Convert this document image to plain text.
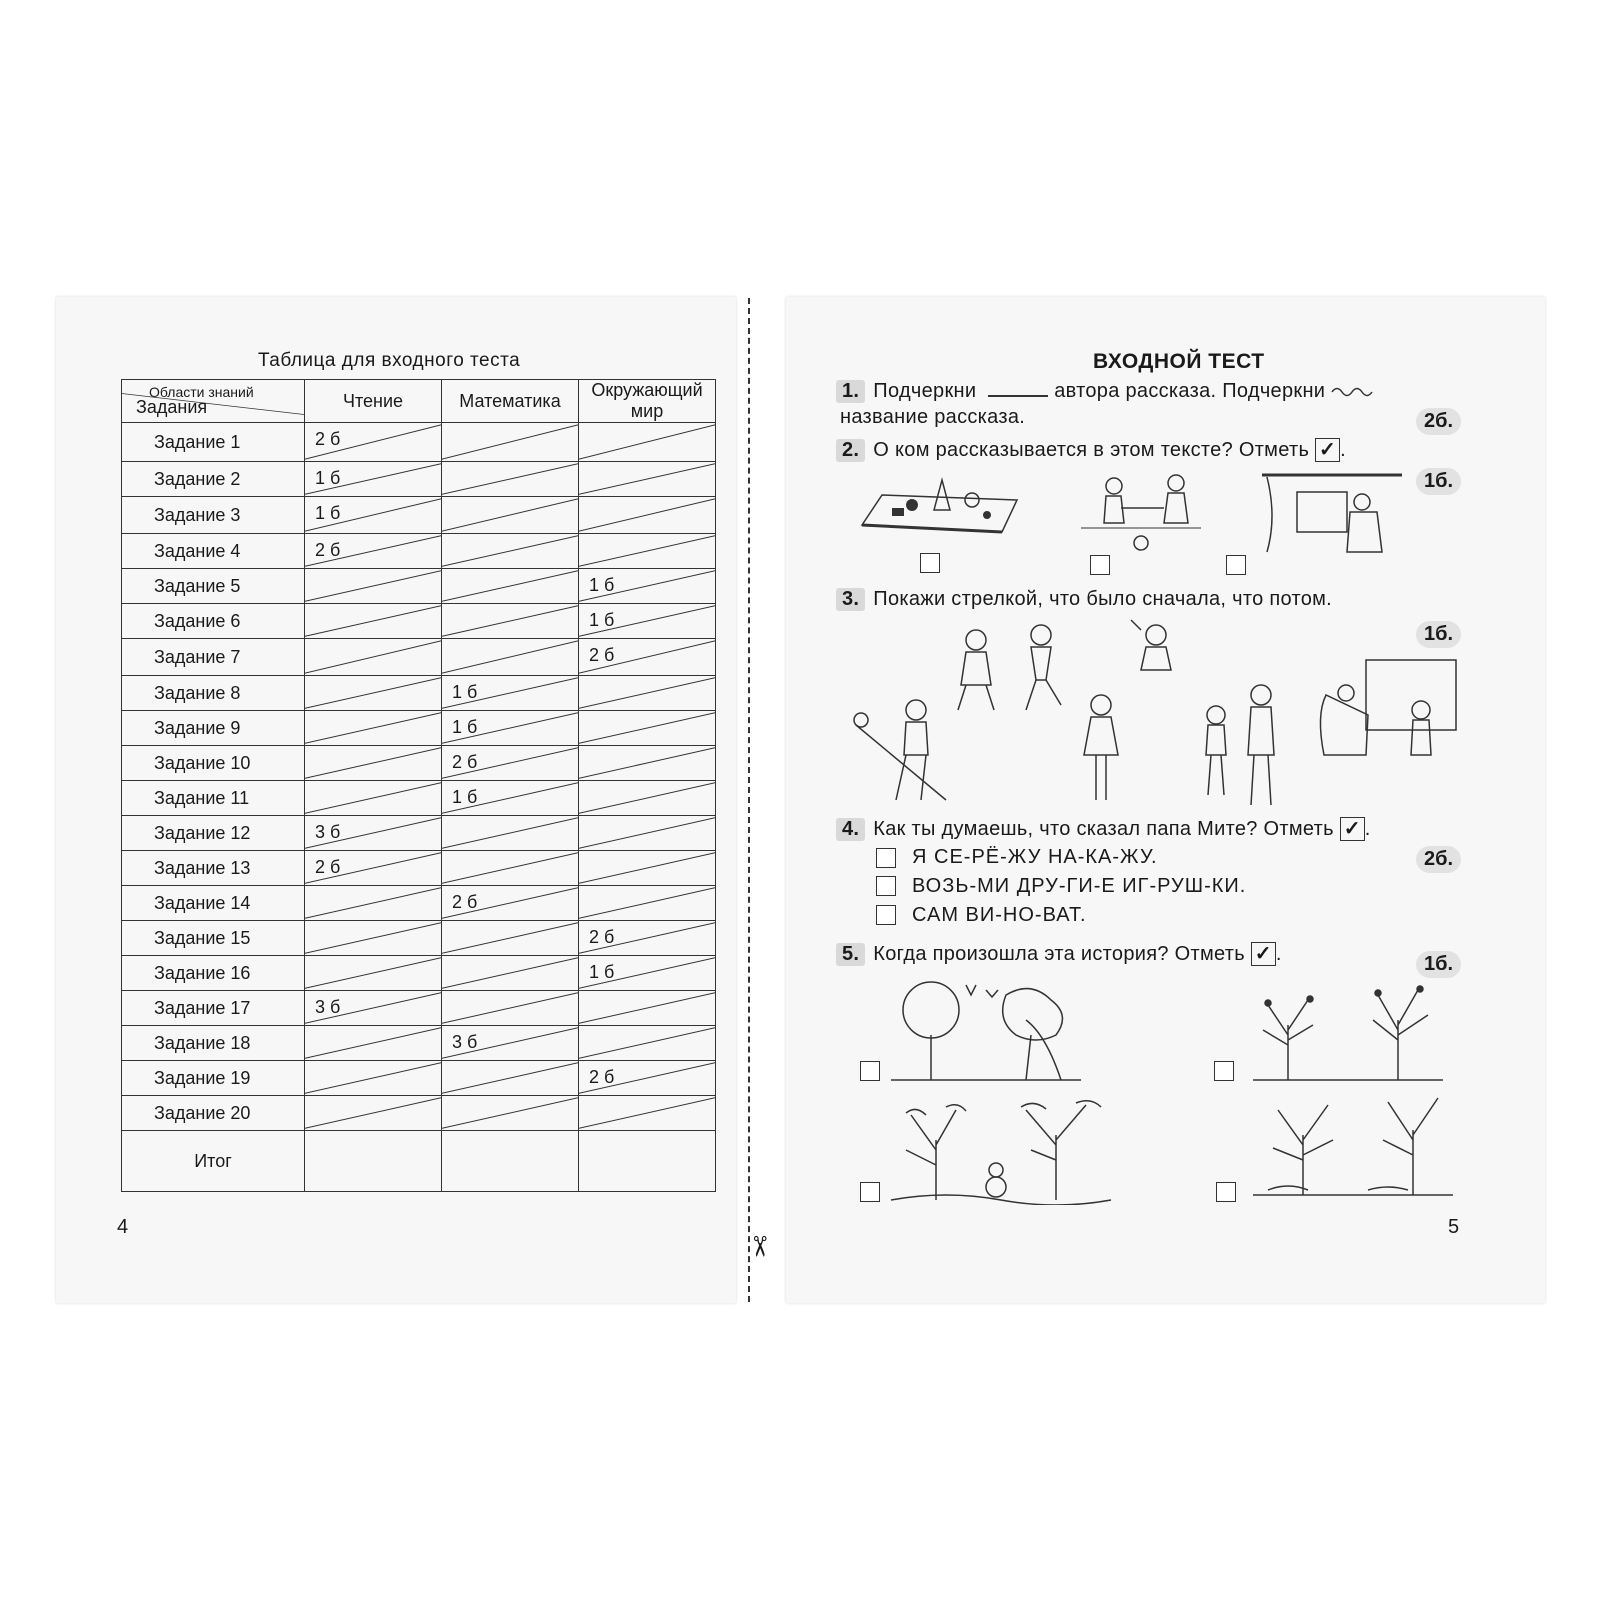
✂
Таблица для входного теста
Области знаний
Задания	Чтение	Математика	Окружающий мир
Задание 1	2 б

Задание 2	1 б

Задание 3	1 б

Задание 4	2 б

Задание 5			1 б

Задание 6			1 б

Задание 7			2 б

Задание 8		1 б

Задание 9		1 б

Задание 10		2 б

Задание 11		1 б

Задание 12	3 б

Задание 13	2 б

Задание 14		2 б

Задание 15			2 б

Задание 16			1 б

Задание 17	3 б

Задание 18		3 б

Задание 19			2 б

Задание 20	

Итог			
4
ВХОДНОЙ ТЕСТ
1. Подчеркни	автора рассказа. Подчеркни
название рассказа.	2б.
2. О ком рассказывается в этом тексте? Отметь ✓ .
1б.
3. Покажи стрелкой, что было сначала, что потом.
1б.
4. Как ты думаешь, что сказал папа Мите? Отметь ✓ .
2б.
Я СЕ-РЁ-ЖУ НА-КА-ЖУ.
ВОЗЬ-МИ ДРУ-ГИ-Е ИГ-РУШ-КИ.
САМ ВИ-НО-ВАТ.
5. Когда произошла эта история? Отметь ✓ .	1б.
5
